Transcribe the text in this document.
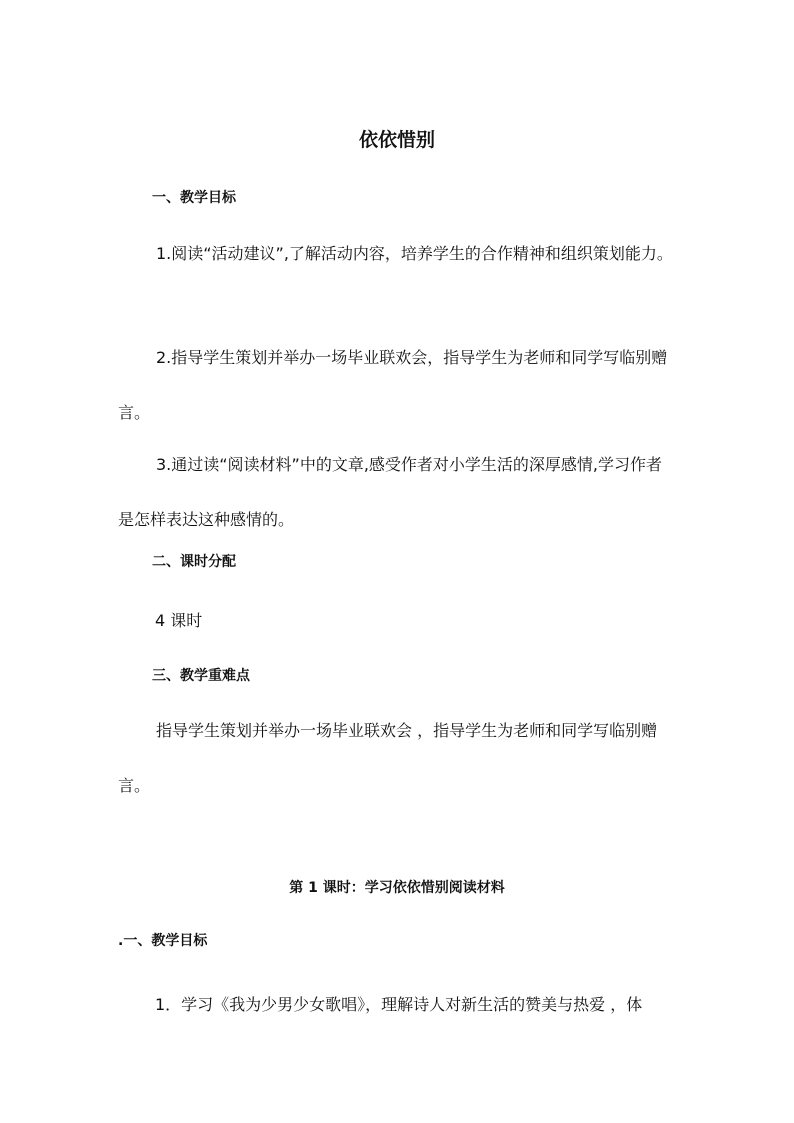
依依惜别
一、教学目标
1.阅读“活动建议”,了解活动内容，培养学生的合作精神和组织策划能力。
2.指导学生策划并举办一场毕业联欢会，指导学生为老师和同学写临别赠言。
3.通过读“阅读材料”中的文章,感受作者对小学生活的深厚感情,学习作者是怎样表达这种感情的。
二、课时分配
4 课时
三、教学重难点
指导学生策划并举办一场毕业联欢会 ，指导学生为老师和同学写临别赠言。
第 1 课时：学习依依惜别阅读材料
.一、教学目标
1．学习《我为少男少女歌唱》，理解诗人对新生活的赞美与热爱 ，体
